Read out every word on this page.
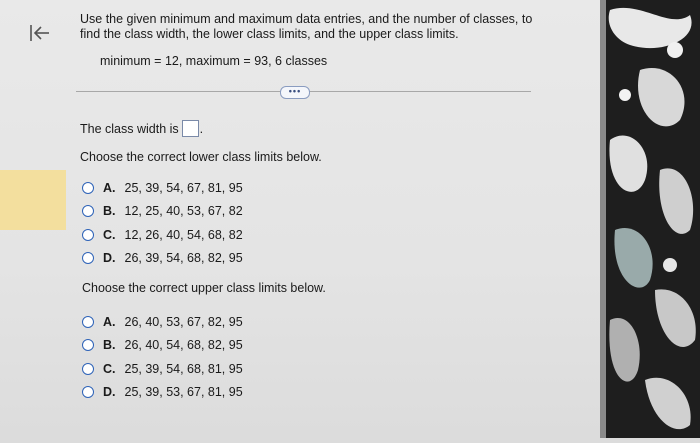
Use the given minimum and maximum data entries, and the number of classes, to find the class width, the lower class limits, and the upper class limits.
minimum = 12, maximum = 93, 6 classes
•••
The class width is .
Choose the correct lower class limits below.
A. 25, 39, 54, 67, 81, 95
B. 12, 25, 40, 53, 67, 82
C. 12, 26, 40, 54, 68, 82
D. 26, 39, 54, 68, 82, 95
Choose the correct upper class limits below.
A. 26, 40, 53, 67, 82, 95
B. 26, 40, 54, 68, 82, 95
C. 25, 39, 54, 68, 81, 95
D. 25, 39, 53, 67, 81, 95
